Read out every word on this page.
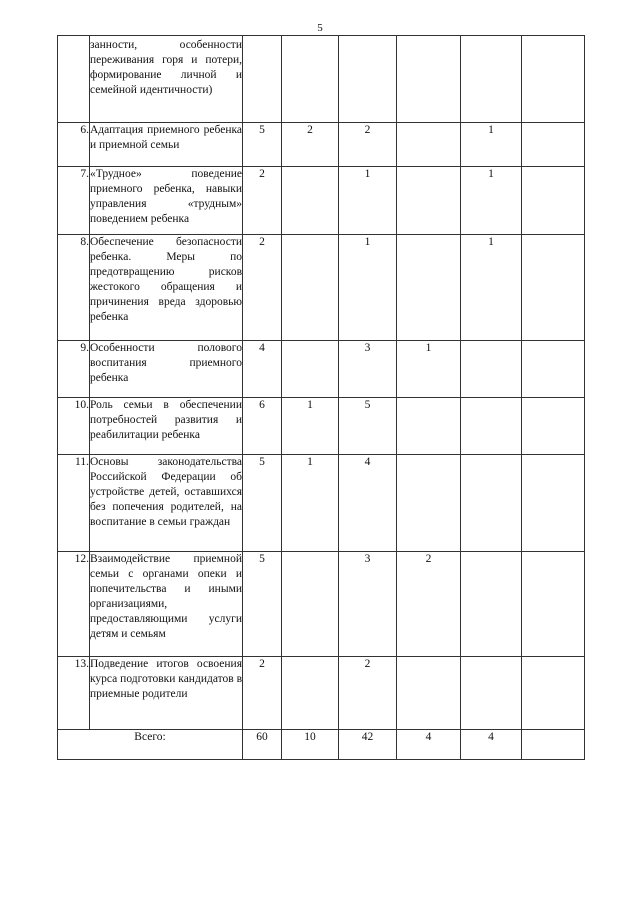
5
	занности, особенности переживания горя и потери, формирование личной и семейной идентичности)						
6.	Адаптация приемного ребенка и приемной семьи	5	2	2		1	
7.	«Трудное» поведение приемного ребенка, навыки управления «трудным» поведением ребенка	2		1		1	
8.	Обеспечение безопасности ребенка. Меры по предотвращению рисков жестокого обращения и причинения вреда здоровью ребенка	2		1		1	
9.	Особенности полового воспитания приемного ребенка	4		3	1		
10.	Роль семьи в обеспечении потребностей развития и реабилитации ребенка	6	1	5			
11.	Основы законодательства Российской Федерации об устройстве детей, оставшихся без попечения родителей, на воспитание в семьи граждан	5	1	4			
12.	Взаимодействие приемной семьи с органами опеки и попечительства и иными организациями, предоставляющими услуги детям и семьям	5		3	2		
13.	Подведение итогов освоения курса подготовки кандидатов в приемные родители	2		2			
Всего:		60	10	42	4	4	
